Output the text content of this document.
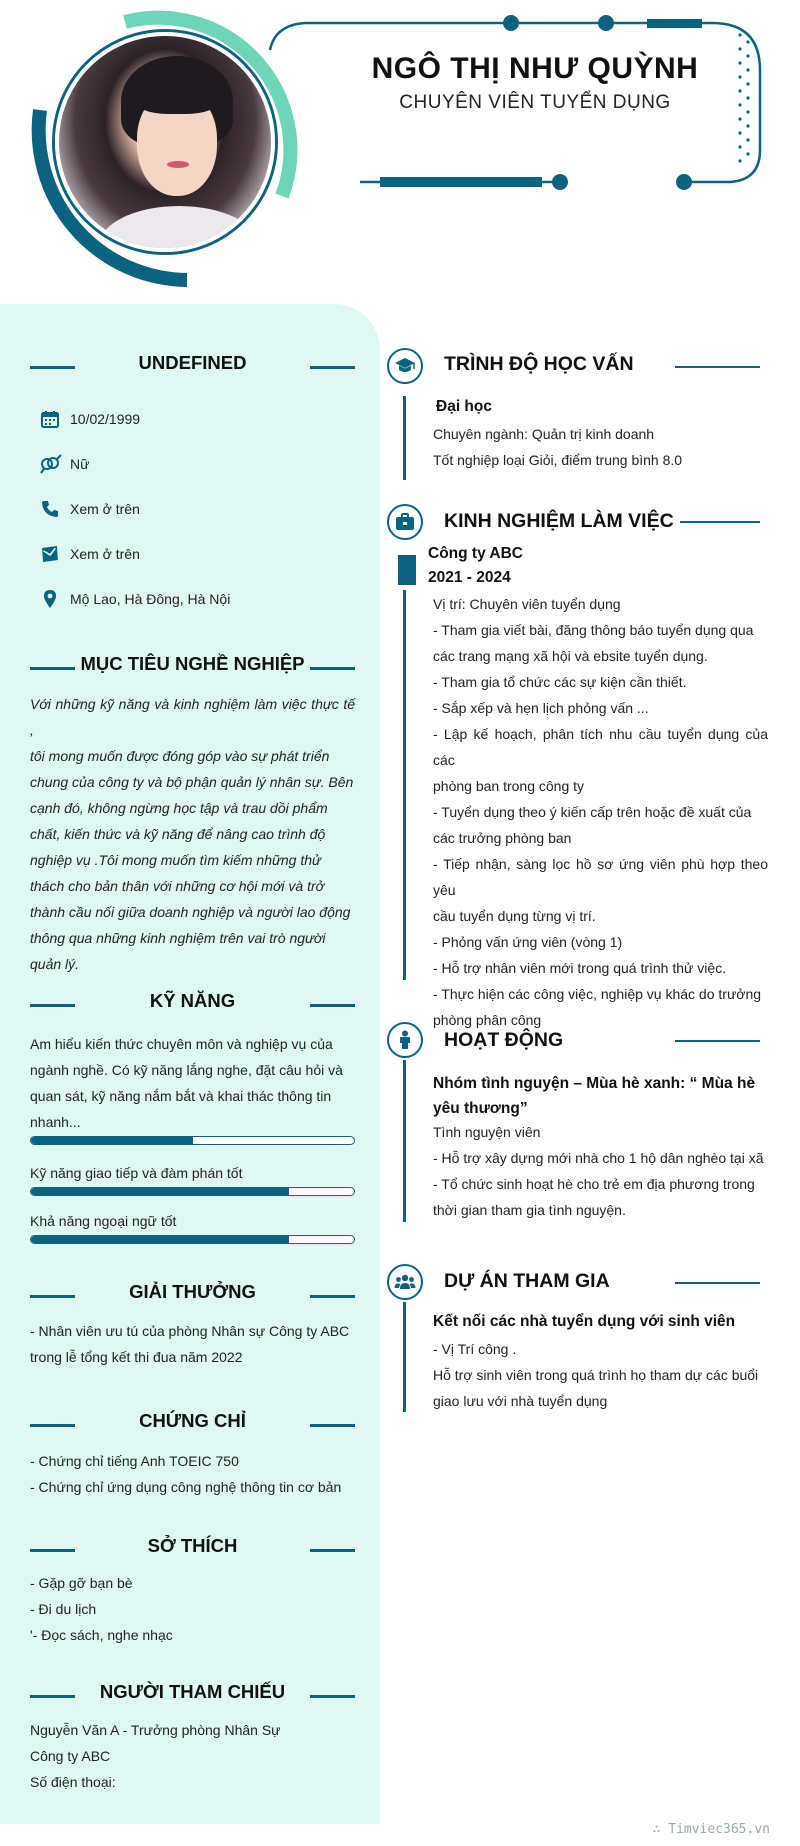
NGÔ THỊ NHƯ QUỲNH
CHUYÊN VIÊN TUYỂN DỤNG
UNDEFINED
10/02/1999
Nữ
Xem ở trên
Xem ở trên
Mộ Lao, Hà Đông, Hà Nội
MỤC TIÊU NGHỀ NGHIỆP
Với những kỹ năng và kinh nghiệm làm việc thực tế ,
tôi mong muốn được đóng góp vào sự phát triển
chung của công ty và bộ phận quản lý nhân sự. Bên
cạnh đó, không ngừng học tập và trau dồi phẩm
chất, kiến thức và kỹ năng để nâng cao trình độ
nghiệp vụ .Tôi mong muốn tìm kiếm những thử
thách cho bản thân với những cơ hội mới và trở
thành cầu nối giữa doanh nghiệp và người lao động
thông qua những kinh nghiệm trên vai trò người
quản lý.
KỸ NĂNG
Am hiểu kiến thức chuyên môn và nghiệp vụ của
ngành nghề. Có kỹ năng lắng nghe, đặt câu hỏi và
quan sát, kỹ năng nắm bắt và khai thác thông tin
nhanh...
Kỹ năng giao tiếp và đàm phán tốt
Khả năng ngoại ngữ tốt
GIẢI THƯỞNG
- Nhân viên ưu tú của phòng Nhân sự Công ty ABC
trong lễ tổng kết thi đua năm 2022
CHỨNG CHỈ
- Chứng chỉ tiếng Anh TOEIC 750
- Chứng chỉ ứng dụng công nghệ thông tin cơ bản
SỞ THÍCH
- Gặp gỡ bạn bè
- Đi du lịch
'- Đọc sách, nghe nhạc
NGƯỜI THAM CHIẾU
Nguyễn Văn A - Trưởng phòng Nhân Sự
Công ty ABC
Số điện thoại:
TRÌNH ĐỘ HỌC VẤN
Đại học
Chuyên ngành: Quản trị kinh doanh
Tốt nghiệp loại Giỏi, điểm trung bình 8.0
KINH NGHIỆM LÀM VIỆC
Công ty ABC
2021 - 2024
Vị trí: Chuyên viên tuyển dụng
- Tham gia viết bài, đăng thông báo tuyển dụng qua
các trang mạng xã hội và ebsite tuyển dụng.
- Tham gia tổ chức các sự kiện cần thiết.
- Sắp xếp và hẹn lịch phỏng vấn ...
- Lập kế hoạch, phân tích nhu cầu tuyển dụng của các
phòng ban trong công ty
- Tuyển dụng theo ý kiến cấp trên hoặc đề xuất của
các trưởng phòng ban
- Tiếp nhận, sàng lọc hồ sơ ứng viên phù hợp theo yêu
cầu tuyển dụng từng vị trí.
- Phỏng vấn ứng viên (vòng 1)
- Hỗ trợ nhân viên mới trong quá trình thử việc.
- Thực hiện các công việc, nghiệp vụ khác do trưởng
phòng phân công
HOẠT ĐỘNG
Nhóm tình nguyện – Mùa hè xanh: “ Mùa hè
yêu thương”
Tình nguyện viên
- Hỗ trợ xây dựng mới nhà cho 1 hộ dân nghèo tại xã
- Tổ chức sinh hoạt hè cho trẻ em địa phương trong
thời gian tham gia tình nguyện.
DỰ ÁN THAM GIA
Kết nối các nhà tuyển dụng với sinh viên
- Vị Trí công .
Hỗ trợ sinh viên trong quá trình họ tham dự các buổi
giao lưu với nhà tuyển dụng
∴ Timviec365.vn
